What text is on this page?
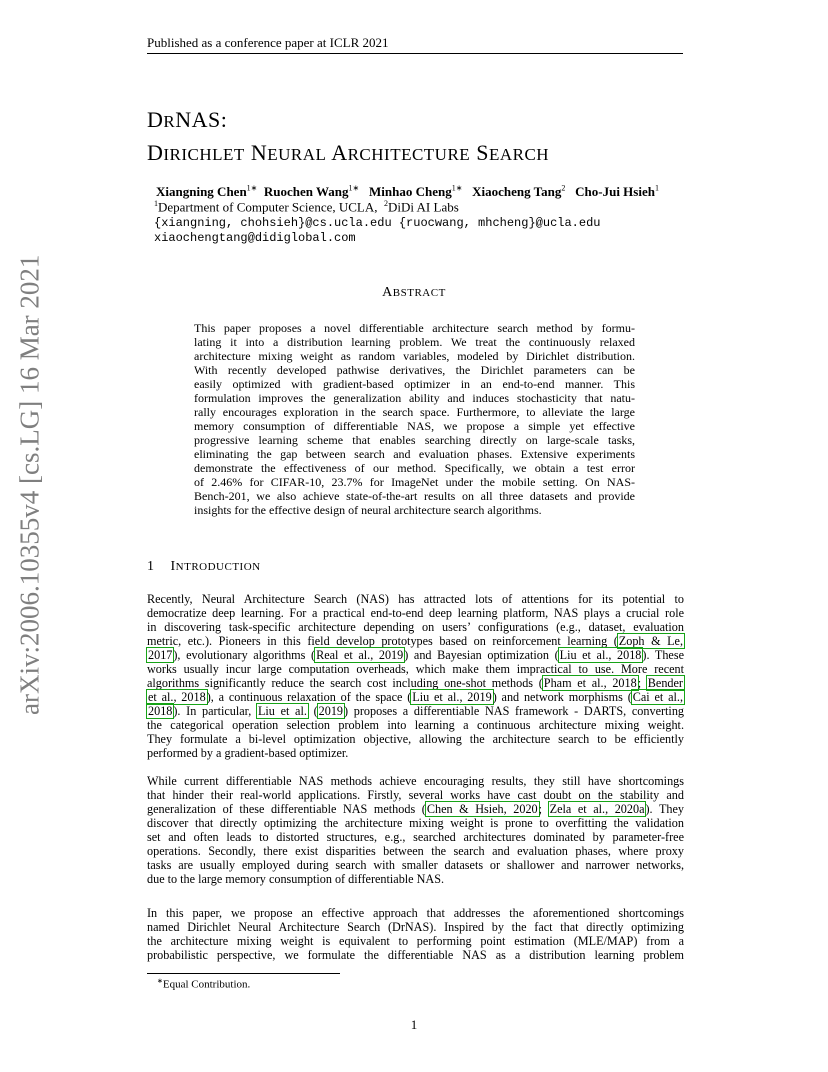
Published as a conference paper at ICLR 2021
arXiv:2006.10355v4 [cs.LG] 16 Mar 2021
DRNAS:
DIRICHLET NEURAL ARCHITECTURE SEARCH
Xiangning Chen$^{1∗}$ Ruochen Wang$^{1∗}$ Minhao Cheng$^{1∗}$ Xiaocheng Tang$^2$ Cho-Jui Hsieh$^1$
$^1$Department of Computer Science, UCLA, $^2$DiDi AI Labs
{xiangning, chohsieh}@cs.ucla.edu {ruocwang, mhcheng}@ucla.edu
xiaochengtang@didiglobal.com
ABSTRACT
This paper proposes a novel differentiable architecture search method by formu-
lating it into a distribution learning problem. We treat the continuously relaxed
architecture mixing weight as random variables, modeled by Dirichlet distribution.
With recently developed pathwise derivatives, the Dirichlet parameters can be
easily optimized with gradient-based optimizer in an end-to-end manner. This
formulation improves the generalization ability and induces stochasticity that natu-
rally encourages exploration in the search space. Furthermore, to alleviate the large
memory consumption of differentiable NAS, we propose a simple yet effective
progressive learning scheme that enables searching directly on large-scale tasks,
eliminating the gap between search and evaluation phases. Extensive experiments
demonstrate the effectiveness of our method. Specifically, we obtain a test error
of 2.46% for CIFAR-10, 23.7% for ImageNet under the mobile setting. On NAS-
Bench-201, we also achieve state-of-the-art results on all three datasets and provide
insights for the effective design of neural architecture search algorithms.
1 INTRODUCTION
Recently, Neural Architecture Search (NAS) has attracted lots of attentions for its potential to
democratize deep learning. For a practical end-to-end deep learning platform, NAS plays a crucial role
in discovering task-specific architecture depending on users’ configurations (e.g., dataset, evaluation
metric, etc.). Pioneers in this field develop prototypes based on reinforcement learning (Zoph & Le,
2017), evolutionary algorithms (Real et al., 2019) and Bayesian optimization (Liu et al., 2018). These
works usually incur large computation overheads, which make them impractical to use. More recent
algorithms significantly reduce the search cost including one-shot methods (Pham et al., 2018; Bender
et al., 2018), a continuous relaxation of the space (Liu et al., 2019) and network morphisms (Cai et al.,
2018). In particular, Liu et al. (2019) proposes a differentiable NAS framework - DARTS, converting
the categorical operation selection problem into learning a continuous architecture mixing weight.
They formulate a bi-level optimization objective, allowing the architecture search to be efficiently
performed by a gradient-based optimizer.
While current differentiable NAS methods achieve encouraging results, they still have shortcomings
that hinder their real-world applications. Firstly, several works have cast doubt on the stability and
generalization of these differentiable NAS methods (Chen & Hsieh, 2020; Zela et al., 2020a). They
discover that directly optimizing the architecture mixing weight is prone to overfitting the validation
set and often leads to distorted structures, e.g., searched architectures dominated by parameter-free
operations. Secondly, there exist disparities between the search and evaluation phases, where proxy
tasks are usually employed during search with smaller datasets or shallower and narrower networks,
due to the large memory consumption of differentiable NAS.
In this paper, we propose an effective approach that addresses the aforementioned shortcomings
named Dirichlet Neural Architecture Search (DrNAS). Inspired by the fact that directly optimizing
the architecture mixing weight is equivalent to performing point estimation (MLE/MAP) from a
probabilistic perspective, we formulate the differentiable NAS as a distribution learning problem
∗Equal Contribution.
1
